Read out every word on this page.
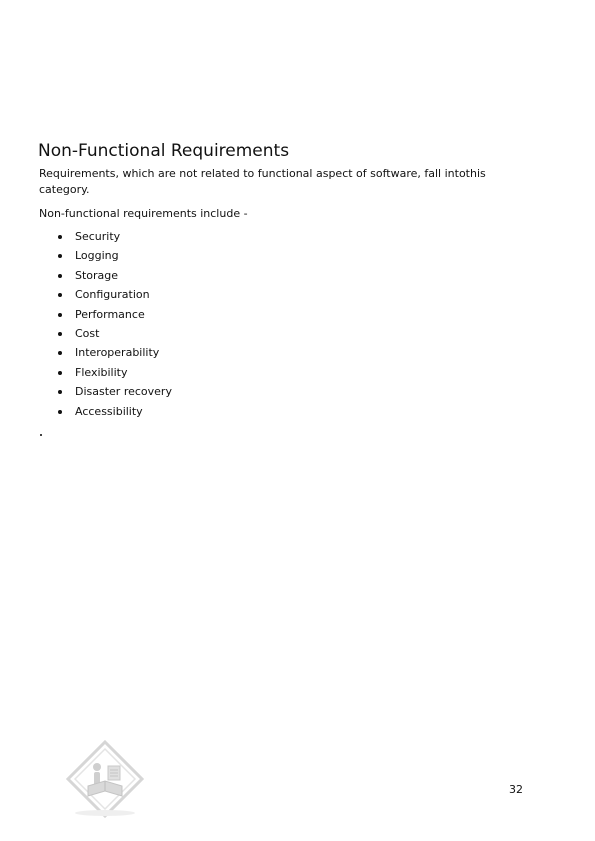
Non-Functional Requirements

Requirements, which are not related to functional aspect of software, fall intothis category.

Non-functional requirements include -

Security
Logging
Storage
Configuration
Performance
Cost
Interoperability
Flexibility
Disaster recovery
Accessibility
32
